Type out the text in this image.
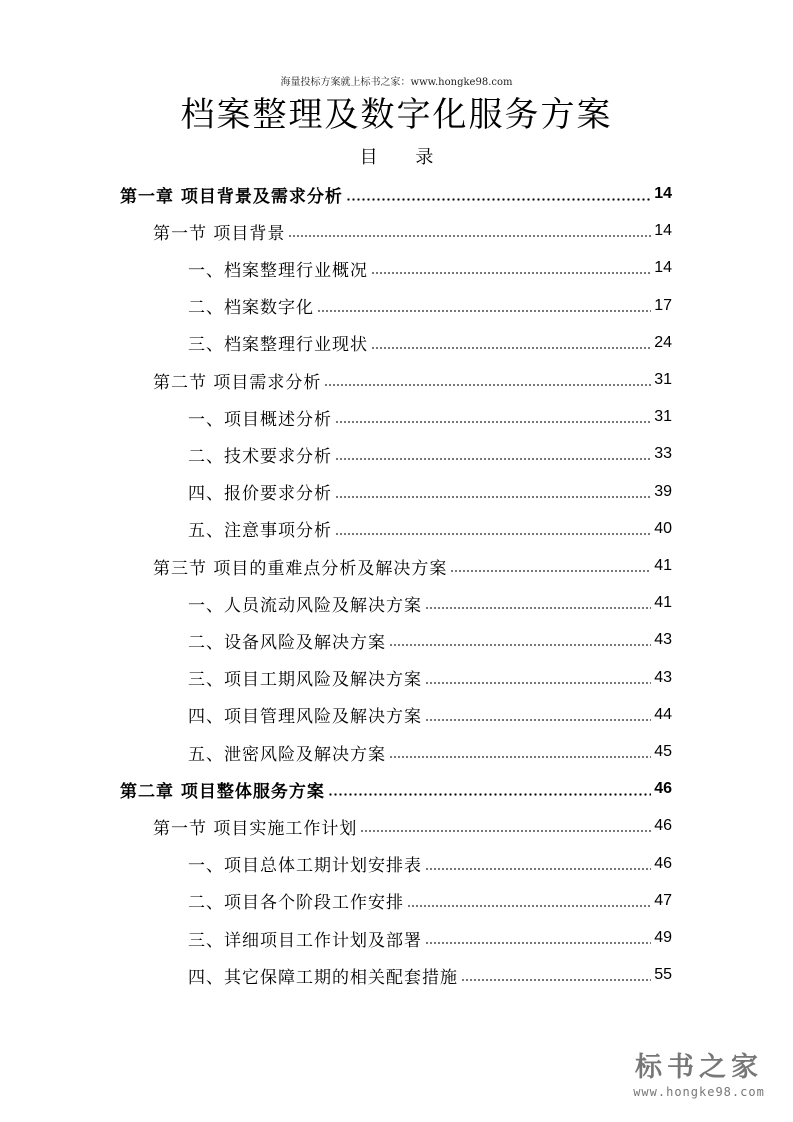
海量投标方案就上标书之家：www.hongke98.com
档案整理及数字化服务方案
目 录
第一章 项目背景及需求分析	14
第一节 项目背景	14
一、档案整理行业概况	14
二、档案数字化	17
三、档案整理行业现状	24
第二节 项目需求分析	31
一、项目概述分析	31
二、技术要求分析	33
四、报价要求分析	39
五、注意事项分析	40
第三节 项目的重难点分析及解决方案	41
一、人员流动风险及解决方案	41
二、设备风险及解决方案	43
三、项目工期风险及解决方案	43
四、项目管理风险及解决方案	44
五、泄密风险及解决方案	45
第二章 项目整体服务方案	46
第一节 项目实施工作计划	46
一、项目总体工期计划安排表	46
二、项目各个阶段工作安排	47
三、详细项目工作计划及部署	49
四、其它保障工期的相关配套措施	55
标书之家
www.hongke98.com
